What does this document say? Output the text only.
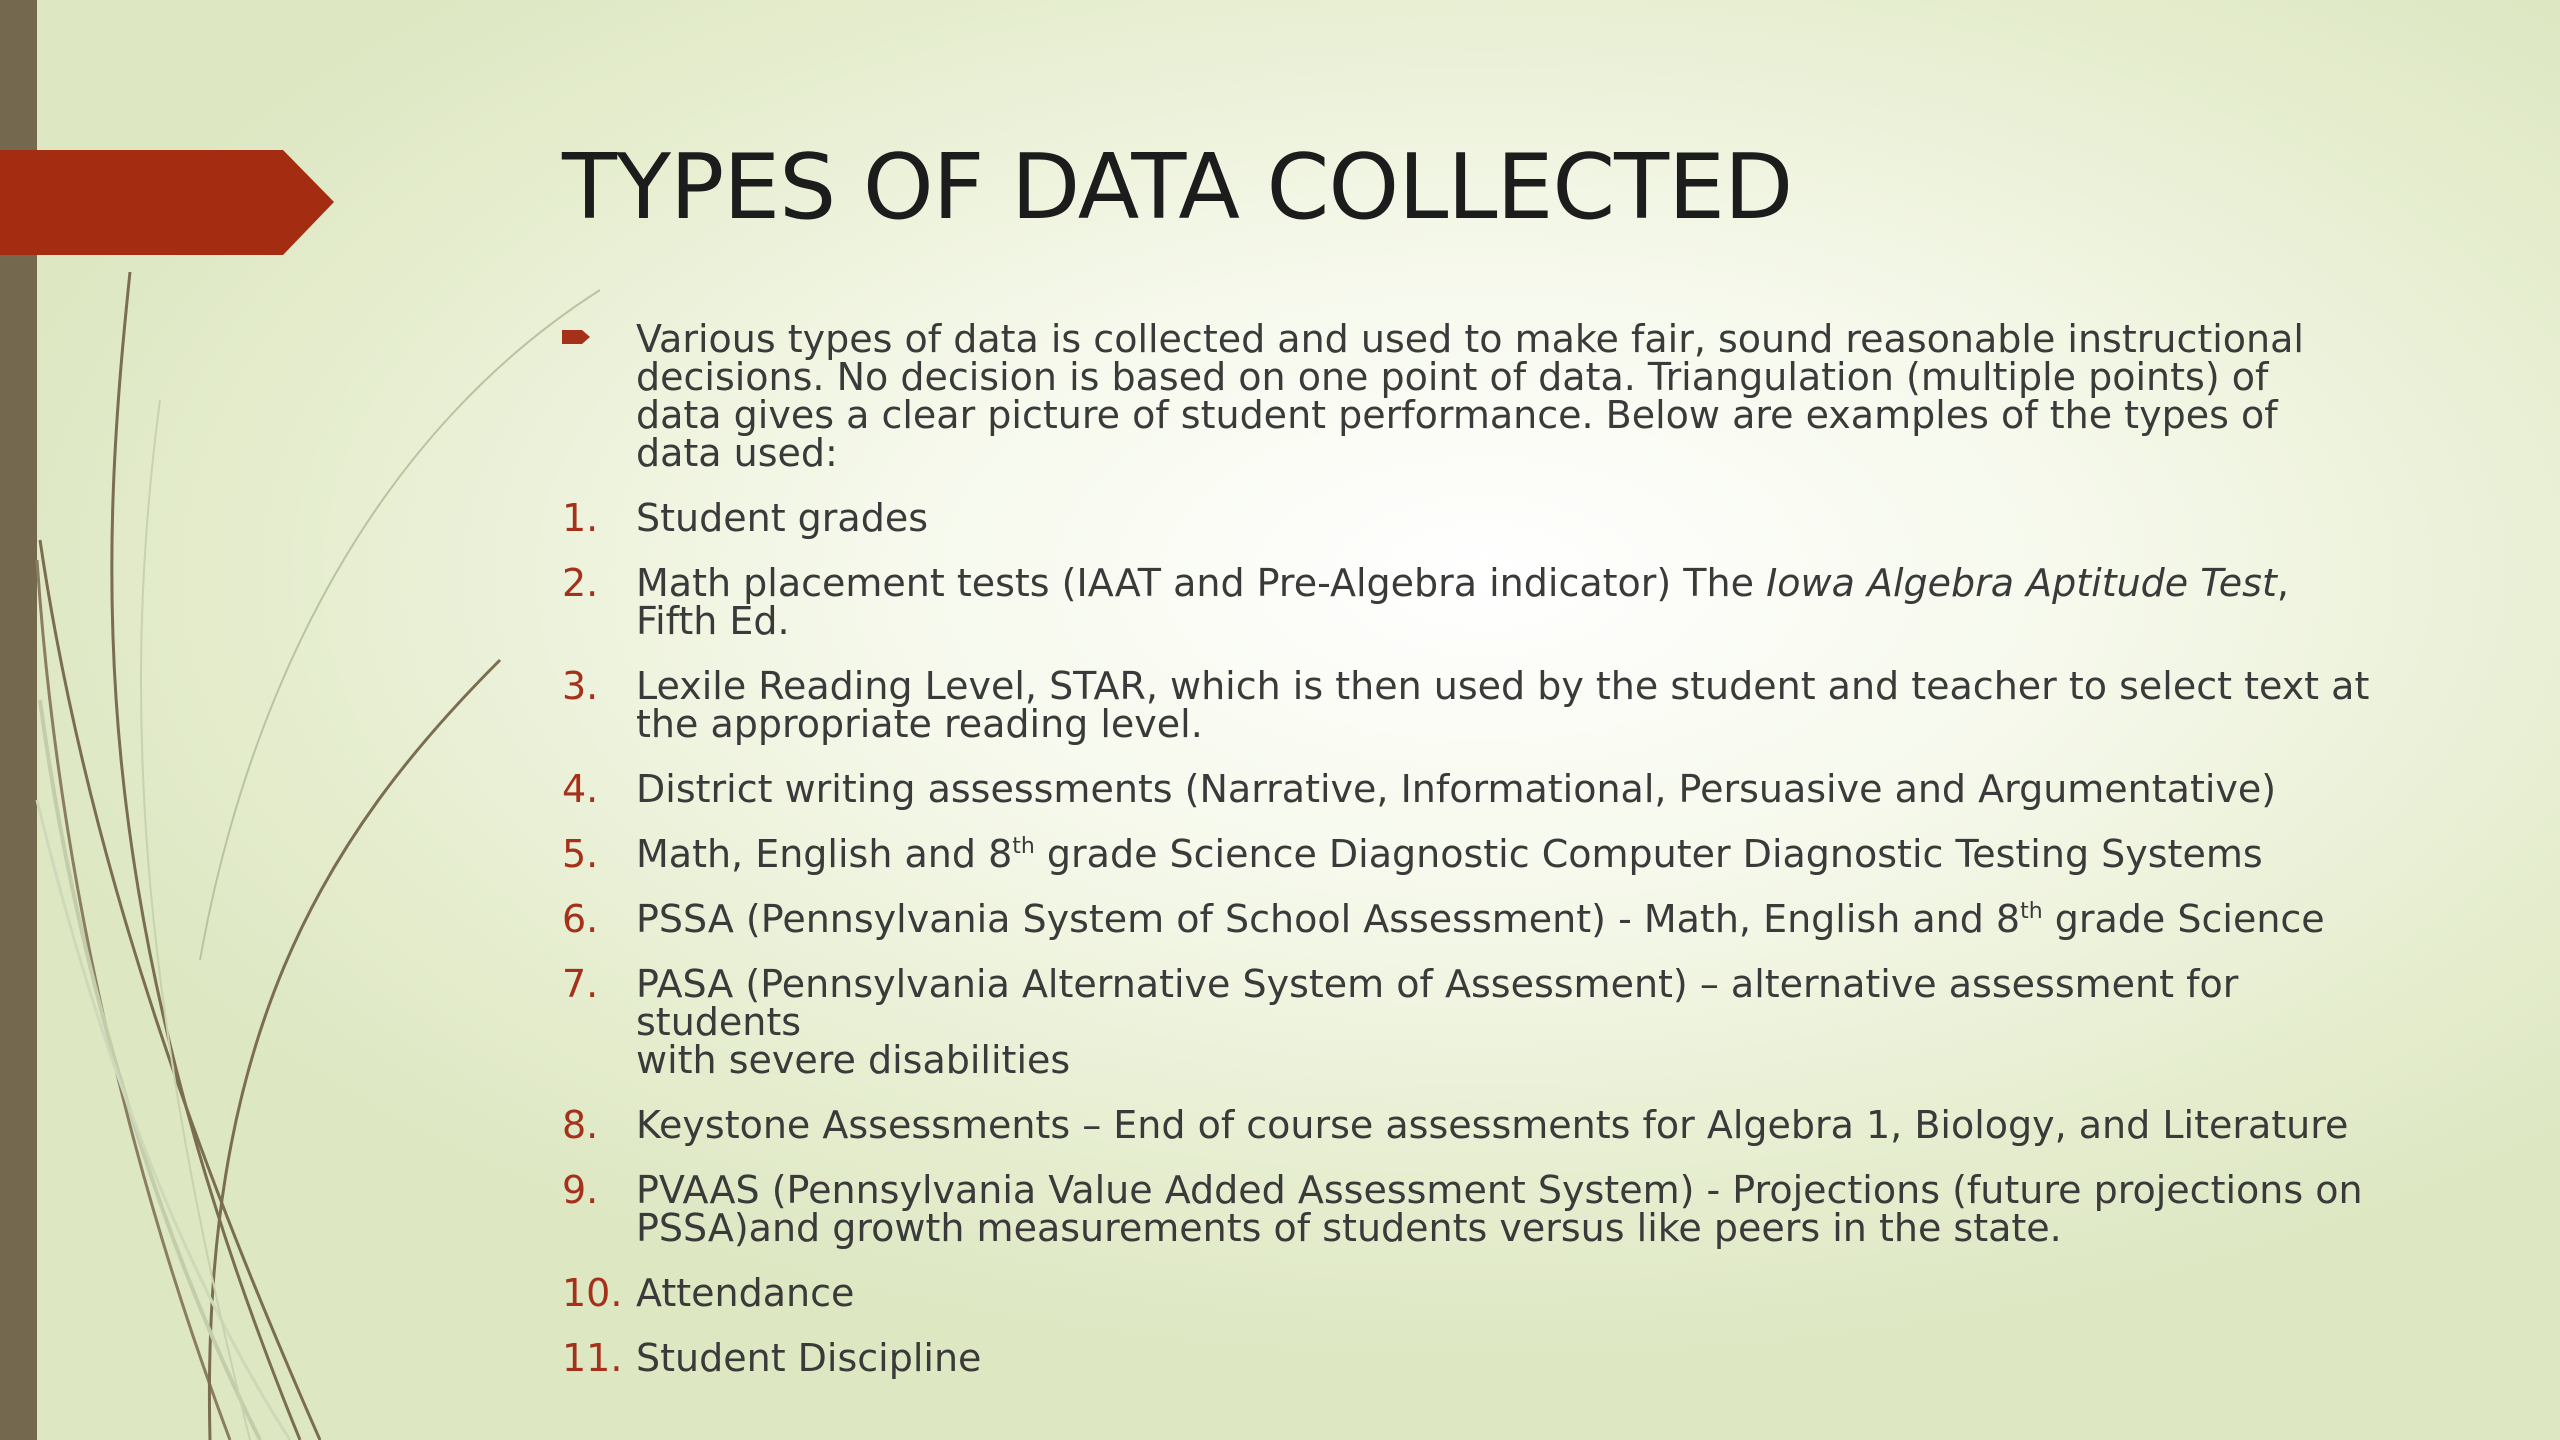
TYPES OF DATA COLLECTED
Various types of data is collected and used to make fair, sound reasonable instructional
decisions. No decision is based on one point of data. Triangulation (multiple points) of
data gives a clear picture of student performance. Below are examples of the types of
data used:
1. Student grades
2. Math placement tests (IAAT and Pre-Algebra indicator) The Iowa Algebra Aptitude Test,
Fifth Ed.
3. Lexile Reading Level, STAR, which is then used by the student and teacher to select text at
the appropriate reading level.
4. District writing assessments (Narrative, Informational, Persuasive and Argumentative)
5. Math, English and 8th grade Science Diagnostic Computer Diagnostic Testing Systems
6. PSSA (Pennsylvania System of School Assessment) - Math, English and 8th grade Science
7. PASA (Pennsylvania Alternative System of Assessment) – alternative assessment for students
with severe disabilities
8. Keystone Assessments – End of course assessments for Algebra 1, Biology, and Literature
9. PVAAS (Pennsylvania Value Added Assessment System) - Projections (future projections on
PSSA)and growth measurements of students versus like peers in the state.
10. Attendance
11. Student Discipline
